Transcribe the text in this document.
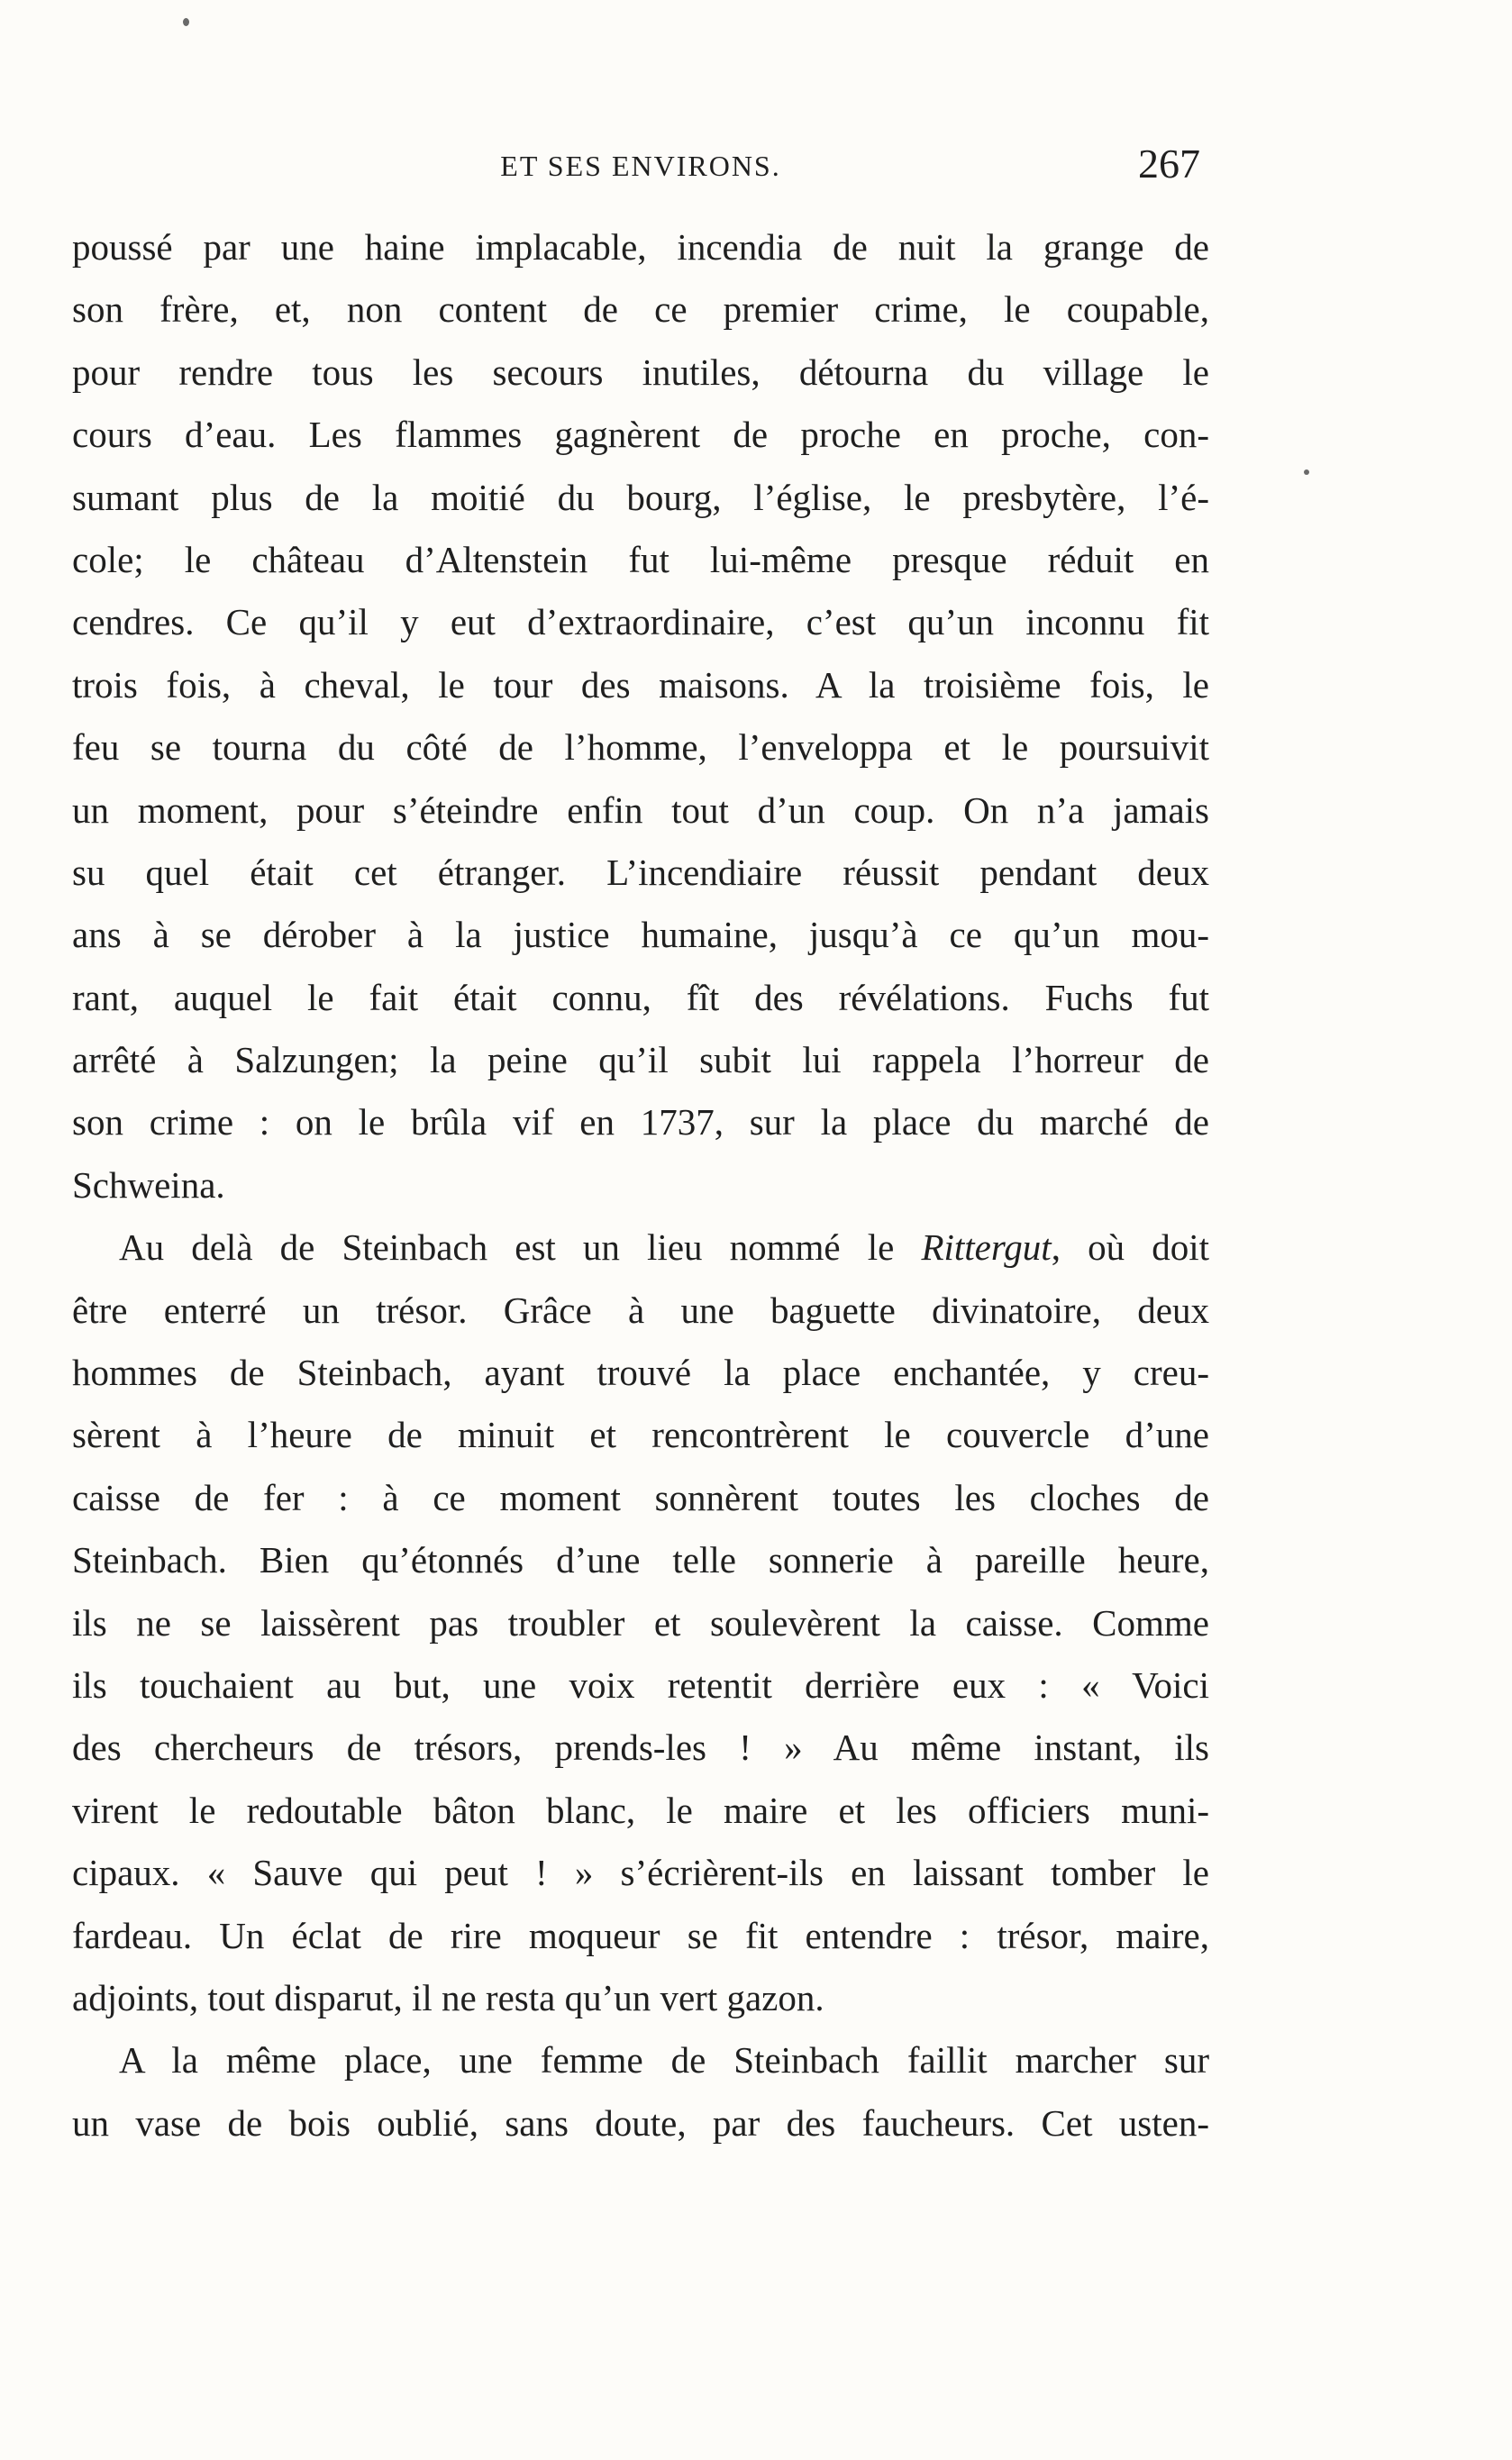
ET SES ENVIRONS.	267
poussé par une haine implacable, incendia de nuit la grange de
son frère, et, non content de ce premier crime, le coupable,
pour rendre tous les secours inutiles, détourna du village le
cours d’eau. Les flammes gagnèrent de proche en proche, con-
sumant plus de la moitié du bourg, l’église, le presbytère, l’é-
cole; le château d’Altenstein fut lui-même presque réduit en
cendres. Ce qu’il y eut d’extraordinaire, c’est qu’un inconnu fit
trois fois, à cheval, le tour des maisons. A la troisième fois, le
feu se tourna du côté de l’homme, l’enveloppa et le poursuivit
un moment, pour s’éteindre enfin tout d’un coup. On n’a jamais
su quel était cet étranger. L’incendiaire réussit pendant deux
ans à se dérober à la justice humaine, jusqu’à ce qu’un mou-
rant, auquel le fait était connu, fît des révélations. Fuchs fut
arrêté à Salzungen; la peine qu’il subit lui rappela l’horreur de
son crime : on le brûla vif en 1737, sur la place du marché de
Schweina.
Au delà de Steinbach est un lieu nommé le Rittergut, où doit
être enterré un trésor. Grâce à une baguette divinatoire, deux
hommes de Steinbach, ayant trouvé la place enchantée, y creu-
sèrent à l’heure de minuit et rencontrèrent le couvercle d’une
caisse de fer : à ce moment sonnèrent toutes les cloches de
Steinbach. Bien qu’étonnés d’une telle sonnerie à pareille heure,
ils ne se laissèrent pas troubler et soulevèrent la caisse. Comme
ils touchaient au but, une voix retentit derrière eux : « Voici
des chercheurs de trésors, prends-les ! » Au même instant, ils
virent le redoutable bâton blanc, le maire et les officiers muni-
cipaux. « Sauve qui peut ! » s’écrièrent-ils en laissant tomber le
fardeau. Un éclat de rire moqueur se fit entendre : trésor, maire,
adjoints, tout disparut, il ne resta qu’un vert gazon.
A la même place, une femme de Steinbach faillit marcher sur
un vase de bois oublié, sans doute, par des faucheurs. Cet usten-
